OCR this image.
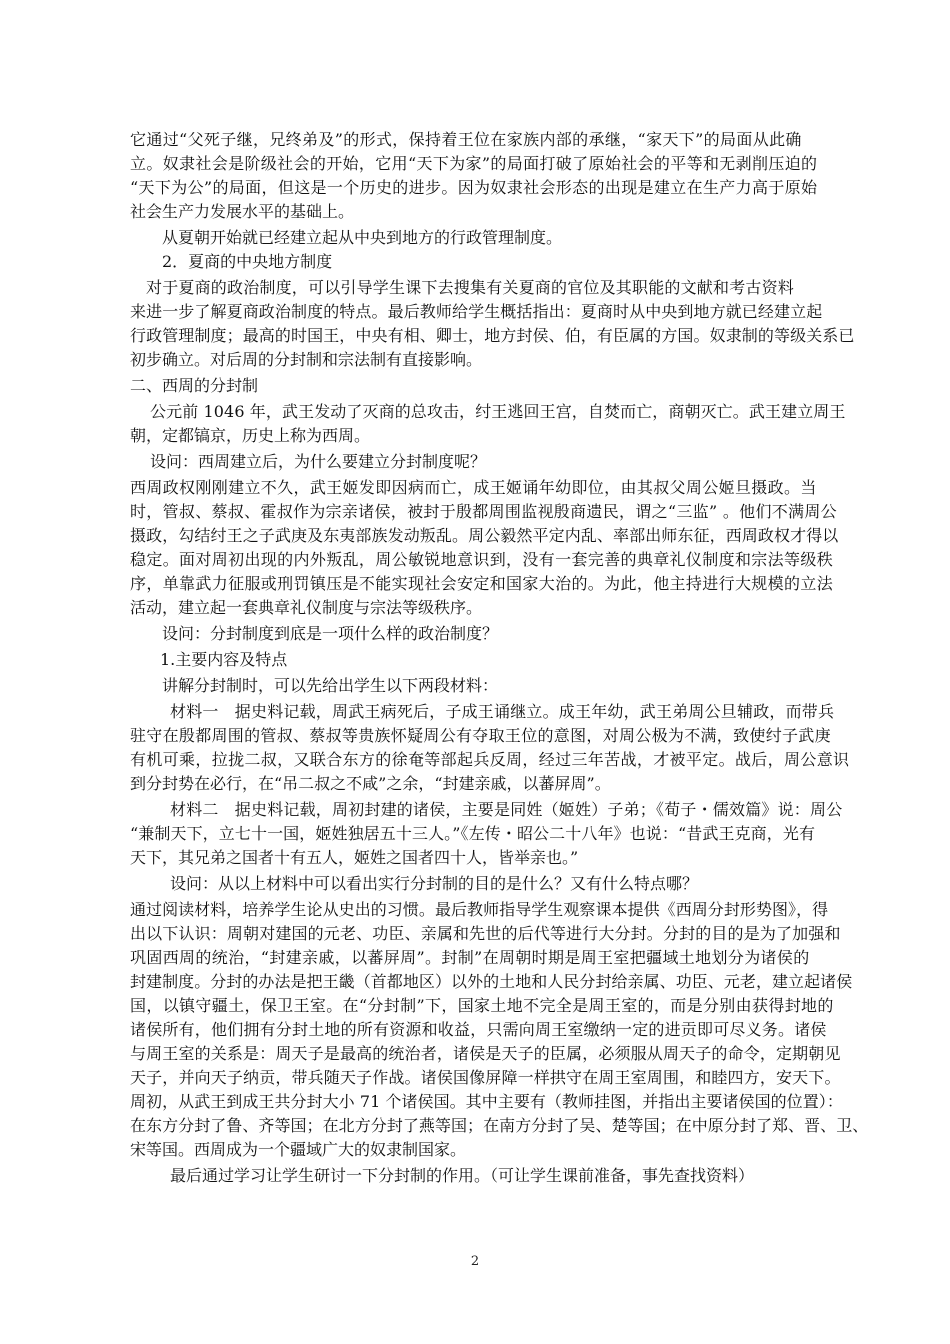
它通过“父死子继，兄终弟及”的形式，保持着王位在家族内部的承继，“家天下”的局面从此确
立。奴隶社会是阶级社会的开始，它用“天下为家”的局面打破了原始社会的平等和无剥削压迫的
“天下为公”的局面，但这是一个历史的进步。因为奴隶社会形态的出现是建立在生产力高于原始
社会生产力发展水平的基础上。
从夏朝开始就已经建立起从中央到地方的行政管理制度。
2．夏商的中央地方制度
对于夏商的政治制度，可以引导学生课下去搜集有关夏商的官位及其职能的文献和考古资料
来进一步了解夏商政治制度的特点。最后教师给学生概括指出：夏商时从中央到地方就已经建立起
行政管理制度；最高的时国王，中央有相、卿士，地方封侯、伯，有臣属的方国。奴隶制的等级关系已
初步确立。对后周的分封制和宗法制有直接影响。
二、西周的分封制
公元前 1046 年，武王发动了灭商的总攻击，纣王逃回王宫，自焚而亡，商朝灭亡。武王建立周王
朝，定都镐京，历史上称为西周。
设问：西周建立后，为什么要建立分封制度呢？
西周政权刚刚建立不久，武王姬发即因病而亡，成王姬诵年幼即位，由其叔父周公姬旦摄政。当
时，管叔、蔡叔、霍叔作为宗亲诸侯，被封于殷都周围监视殷商遗民，谓之“三监” 。他们不满周公
摄政，勾结纣王之子武庚及东夷部族发动叛乱。周公毅然平定内乱、率部出师东征，西周政权才得以
稳定。面对周初出现的内外叛乱，周公敏锐地意识到，没有一套完善的典章礼仪制度和宗法等级秩
序，单靠武力征服或刑罚镇压是不能实现社会安定和国家大治的。为此，他主持进行大规模的立法
活动，建立起一套典章礼仪制度与宗法等级秩序。
设问：分封制度到底是一项什么样的政治制度？
1.主要内容及特点
讲解分封制时，可以先给出学生以下两段材料：
材料一　据史料记载，周武王病死后，子成王诵继立。成王年幼，武王弟周公旦辅政，而带兵
驻守在殷都周围的管叔、蔡叔等贵族怀疑周公有夺取王位的意图，对周公极为不满，致使纣子武庚
有机可乘，拉拢二叔，又联合东方的徐奄等部起兵反周，经过三年苦战，才被平定。战后，周公意识
到分封势在必行，在“吊二叔之不咸”之余，“封建亲戚，以蕃屏周”。
材料二　据史料记载，周初封建的诸侯，主要是同姓（姬姓）子弟；《荀子・儒效篇》说：周公
“兼制天下，立七十一国，姬姓独居五十三人。”《左传・昭公二十八年》也说：“昔武王克商，光有
天下，其兄弟之国者十有五人，姬姓之国者四十人，皆举亲也。”
设问：从以上材料中可以看出实行分封制的目的是什么？又有什么特点哪？
通过阅读材料，培养学生论从史出的习惯。最后教师指导学生观察课本提供《西周分封形势图》，得
出以下认识：周朝对建国的元老、功臣、亲属和先世的后代等进行大分封。分封的目的是为了加强和
巩固西周的统治，“封建亲戚，以蕃屏周”。封制”在周朝时期是周王室把疆域土地划分为诸侯的
封建制度。分封的办法是把王畿（首都地区）以外的土地和人民分封给亲属、功臣、元老，建立起诸侯
国，以镇守疆土，保卫王室。在“分封制”下，国家土地不完全是周王室的，而是分别由获得封地的
诸侯所有，他们拥有分封土地的所有资源和收益，只需向周王室缴纳一定的进贡即可尽义务。诸侯
与周王室的关系是：周天子是最高的统治者，诸侯是天子的臣属，必须服从周天子的命令，定期朝见
天子，并向天子纳贡，带兵随天子作战。诸侯国像屏障一样拱守在周王室周围，和睦四方，安天下。
周初，从武王到成王共分封大小 71 个诸侯国。其中主要有（教师挂图，并指出主要诸侯国的位置）：
在东方分封了鲁、齐等国；在北方分封了燕等国；在南方分封了吴、楚等国；在中原分封了郑、晋、卫、
宋等国。西周成为一个疆域广大的奴隶制国家。
最后通过学习让学生研讨一下分封制的作用。（可让学生课前准备，事先查找资料）
2
